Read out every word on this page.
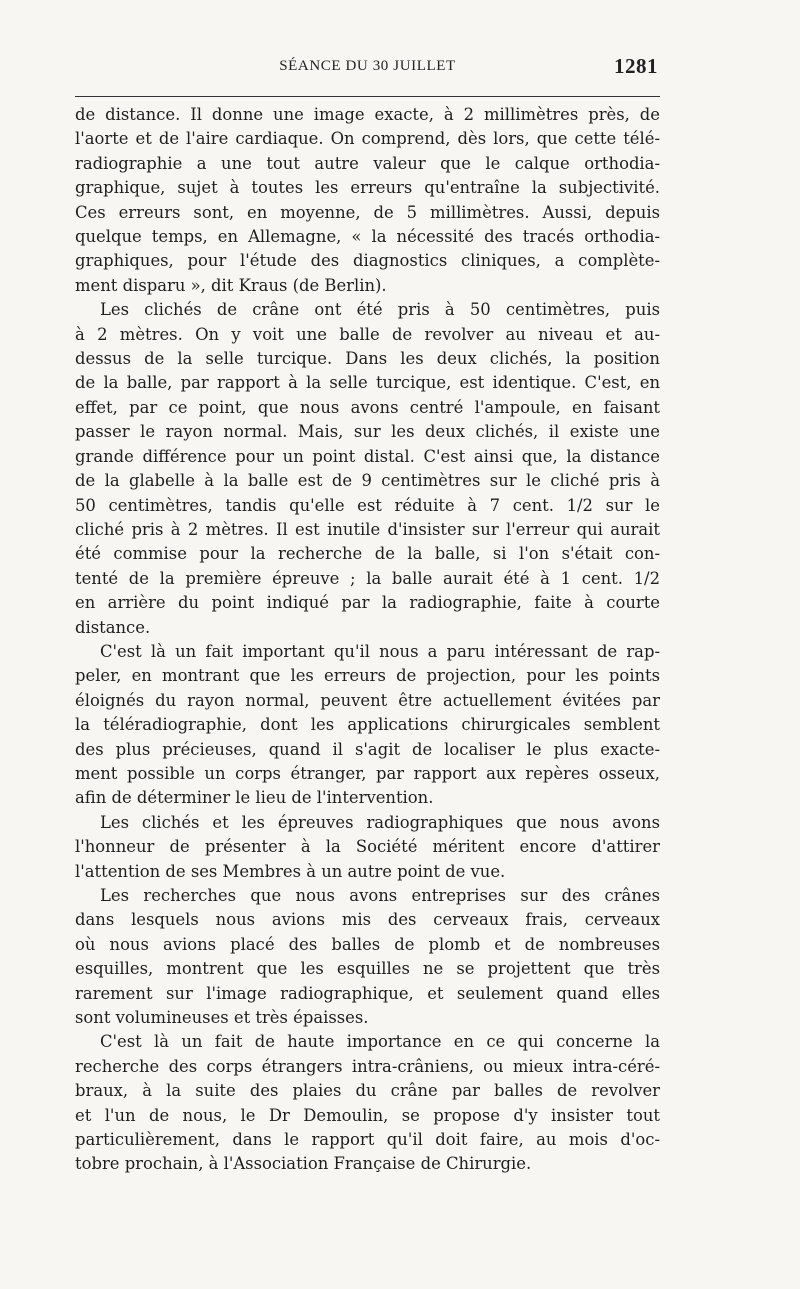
SÉANCE DU 30 JUILLET	1281

de distance. Il donne une image exacte, à 2 millimètres près, de
l'aorte et de l'aire cardiaque. On comprend, dès lors, que cette télé-
radiographie a une tout autre valeur que le calque orthodia-
graphique, sujet à toutes les erreurs qu'entraîne la subjectivité.
Ces erreurs sont, en moyenne, de 5 millimètres. Aussi, depuis
quelque temps, en Allemagne, « la nécessité des tracés orthodia-
graphiques, pour l'étude des diagnostics cliniques, a complète-
ment disparu », dit Kraus (de Berlin).

Les clichés de crâne ont été pris à 50 centimètres, puis
à 2 mètres. On y voit une balle de revolver au niveau et au-
dessus de la selle turcique. Dans les deux clichés, la position
de la balle, par rapport à la selle turcique, est identique. C'est, en
effet, par ce point, que nous avons centré l'ampoule, en faisant
passer le rayon normal. Mais, sur les deux clichés, il existe une
grande différence pour un point distal. C'est ainsi que, la distance
de la glabelle à la balle est de 9 centimètres sur le cliché pris à
50 centimètres, tandis qu'elle est réduite à 7 cent. 1/2 sur le
cliché pris à 2 mètres. Il est inutile d'insister sur l'erreur qui aurait
été commise pour la recherche de la balle, si l'on s'était con-
tenté de la première épreuve ; la balle aurait été à 1 cent. 1/2
en arrière du point indiqué par la radiographie, faite à courte
distance.

C'est là un fait important qu'il nous a paru intéressant de rap-
peler, en montrant que les erreurs de projection, pour les points
éloignés du rayon normal, peuvent être actuellement évitées par
la téléradiographie, dont les applications chirurgicales semblent
des plus précieuses, quand il s'agit de localiser le plus exacte-
ment possible un corps étranger, par rapport aux repères osseux,
afin de déterminer le lieu de l'intervention.

Les clichés et les épreuves radiographiques que nous avons
l'honneur de présenter à la Société méritent encore d'attirer
l'attention de ses Membres à un autre point de vue.

Les recherches que nous avons entreprises sur des crânes
dans lesquels nous avions mis des cerveaux frais, cerveaux
où nous avions placé des balles de plomb et de nombreuses
esquilles, montrent que les esquilles ne se projettent que très
rarement sur l'image radiographique, et seulement quand elles
sont volumineuses et très épaisses.

C'est là un fait de haute importance en ce qui concerne la
recherche des corps étrangers intra-crâniens, ou mieux intra-céré-
braux, à la suite des plaies du crâne par balles de revolver
et l'un de nous, le Dr Demoulin, se propose d'y insister tout
particulièrement, dans le rapport qu'il doit faire, au mois d'oc-
tobre prochain, à l'Association Française de Chirurgie.
